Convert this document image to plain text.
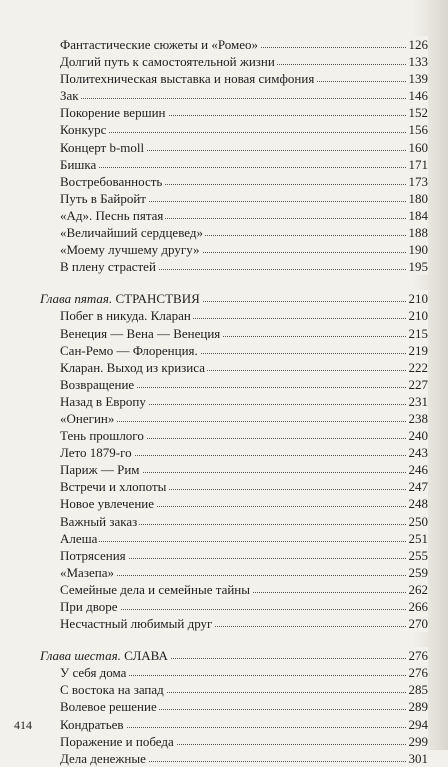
Фантастические сюжеты и «Ромео»	126
Долгий путь к самостоятельной жизни	133
Политехническая выставка и новая симфония	139
Зак	146
Покорение вершин	152
Конкурс	156
Концерт b-moll	160
Бишка	171
Востребованность	173
Путь в Байройт	180
«Ад». Песнь пятая	184
«Величайший сердцевед»	188
«Моему лучшему другу»	190
В плену страстей	195
Глава пятая. СТРАНСТВИЯ	210
Побег в никуда. Кларан	210
Венеция — Вена — Венеция	215
Сан-Ремо — Флоренция.	219
Кларан. Выход из кризиса	222
Возвращение	227
Назад в Европу	231
«Онегин»	238
Тень прошлого	240
Лето 1879-го	243
Париж — Рим	246
Встречи и хлопоты	247
Новое увлечение	248
Важный заказ	250
Алеша	251
Потрясения	255
«Мазепа»	259
Семейные дела и семейные тайны	262
При дворе	266
Несчастный любимый друг	270
Глава шестая. СЛАВА	276
У себя дома	276
С востока на запад	285
Волевое решение	289
Кондратьев	294
Поражение и победа	299
Дела денежные	301
414
